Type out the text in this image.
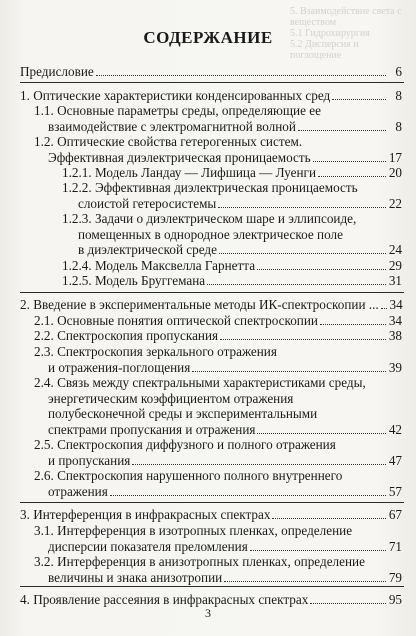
5. Взаимодействие света с веществом
5.1 Гидрохирургия
5.2 Дисперсия и поглощение
СОДЕРЖАНИЕ
Предисловие	6
1. Оптические характеристики конденсированных сред	8
1.1. Основные параметры среды, определяющие ее
взаимодействие с электромагнитной волной	8
1.2. Оптические свойства гетерогенных систем.
Эффективная диэлектрическая проницаемость	17
1.2.1. Модель Ландау — Лифшица — Луенги	20
1.2.2. Эффективная диэлектрическая проницаемость
слоистой гетеросистемы	22
1.2.3. Задачи о диэлектрическом шаре и эллипсоиде,
помещенных в однородное электрическое поле
в диэлектрической среде	24
1.2.4. Модель Максвелла Гарнетта	29
1.2.5. Модель Бруггемана	31
2. Введение в экспериментальные методы ИК-спектроскопии ... 34
2.1. Основные понятия оптической спектроскопии	34
2.2. Спектроскопия пропускания	38
2.3. Спектроскопия зеркального отражения
и отражения-поглощения	39
2.4. Связь между спектральными характеристиками среды,
энергетическим коэффициентом отражения
полубесконечной среды и экспериментальными
спектрами пропускания и отражения	42
2.5. Спектроскопия диффузного и полного отражения
и пропускания	47
2.6. Спектроскопия нарушенного полного внутреннего
отражения	57
3. Интерференция в инфракрасных спектрах	67
3.1. Интерференция в изотропных пленках, определение
дисперсии показателя преломления	71
3.2. Интерференция в анизотропных пленках, определение
величины и знака анизотропии	79
4. Проявление рассеяния в инфракрасных спектрах	95
3
